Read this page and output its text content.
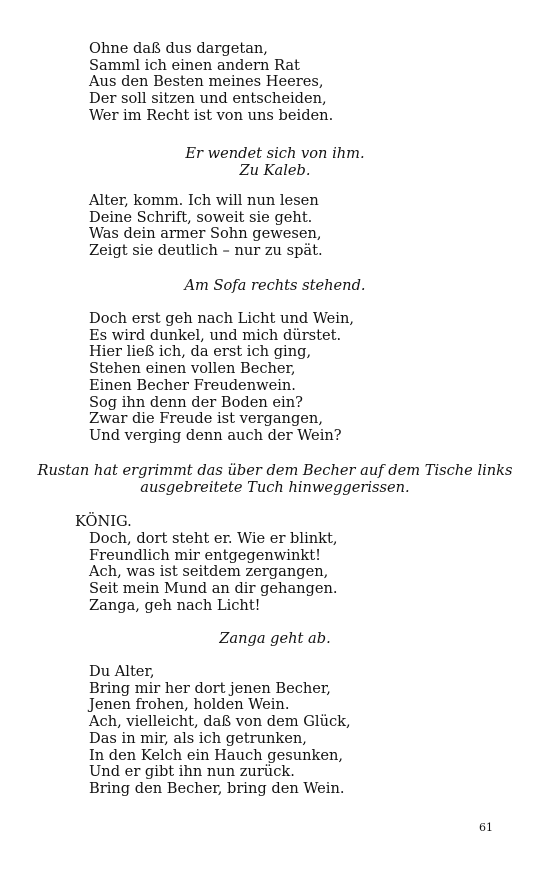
Ohne daß dus dargetan,
Samml ich einen andern Rat
Aus den Besten meines Heeres,
Der soll sitzen und entscheiden,
Wer im Recht ist von uns beiden.
Er wendet sich von ihm.
Zu Kaleb.
Alter, komm. Ich will nun lesen
Deine Schrift, soweit sie geht.
Was dein armer Sohn gewesen,
Zeigt sie deutlich – nur zu spät.
Am Sofa rechts stehend.
Doch erst geh nach Licht und Wein,
Es wird dunkel, und mich dürstet.
Hier ließ ich, da erst ich ging,
Stehen einen vollen Becher,
Einen Becher Freudenwein.
Sog ihn denn der Boden ein?
Zwar die Freude ist vergangen,
Und verging denn auch der Wein?
Rustan hat ergrimmt das über dem Becher auf dem Tische links
ausgebreitete Tuch hinweggerissen.
KÖNIG.
Doch, dort steht er. Wie er blinkt,
Freundlich mir entgegenwinkt!
Ach, was ist seitdem zergangen,
Seit mein Mund an dir gehangen.
Zanga, geh nach Licht!
Zanga geht ab.
Du Alter,
Bring mir her dort jenen Becher,
Jenen frohen, holden Wein.
Ach, vielleicht, daß von dem Glück,
Das in mir, als ich getrunken,
In den Kelch ein Hauch gesunken,
Und er gibt ihn nun zurück.
Bring den Becher, bring den Wein.
61
